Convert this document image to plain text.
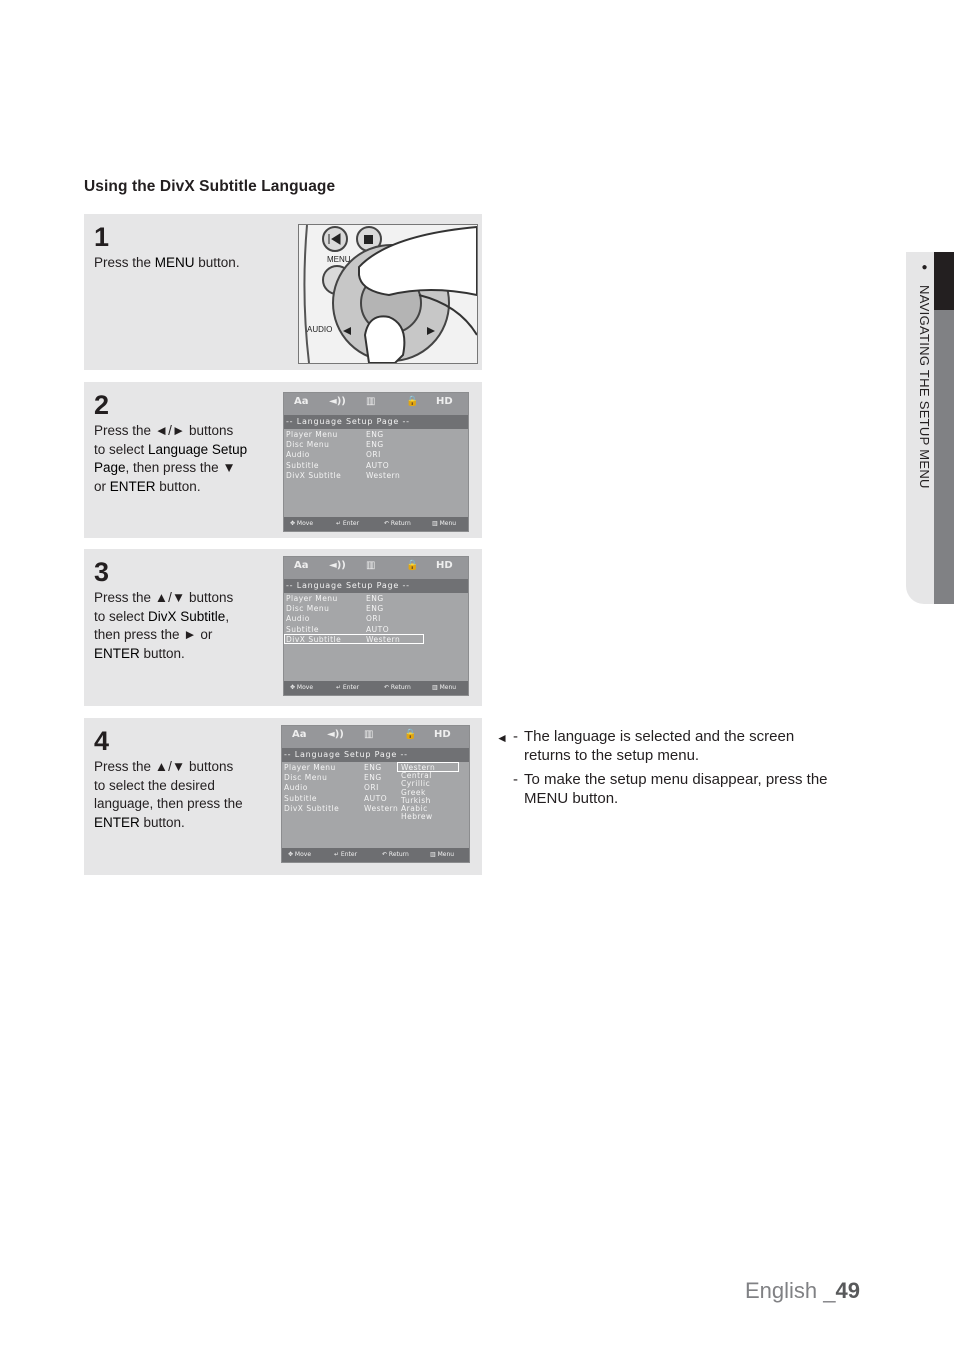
Using the DivX Subtitle Language
● NAVIGATING THE SETUP MENU
1
Press the MENU button.	MENU
AUDIO
2
Press the ◄/► buttons
to select Language Setup
Page, then press the ▼
or ENTER button.
Aa ◄)) ▥	🔒 HD
-- Language Setup Page --
Player Menu	ENG
Disc Menu	ENG
Audio	ORI
Subtitle	AUTO
DivX Subtitle	Western
✥ Move	↵ Enter	↶ Return	▥ Menu
3
Press the ▲/▼ buttons
to select DivX Subtitle,
then press the ► or
ENTER button.
Aa ◄)) ▥	🔒 HD
-- Language Setup Page --
Player Menu	ENG
Disc Menu	ENG
Audio	ORI
Subtitle	AUTO
DivX Subtitle	Western
✥ Move	↵ Enter	↶ Return	▥ Menu
4
Press the ▲/▼ buttons
to select the desired
language, then press the
ENTER button.
Aa ◄)) ▥	🔒 HD
-- Language Setup Page --
Player Menu	ENG
Disc Menu	ENG
Audio	ORI
Subtitle	AUTO
DivX Subtitle	Western
Western
Central
Cyrillic
Greek
Turkish
Arabic
Hebrew
✥ Move	↵ Enter	↶ Return	▥ Menu
◄ - The language is selected and the screen returns to the setup menu.
- To make the setup menu disappear, press the MENU button.
English _49
